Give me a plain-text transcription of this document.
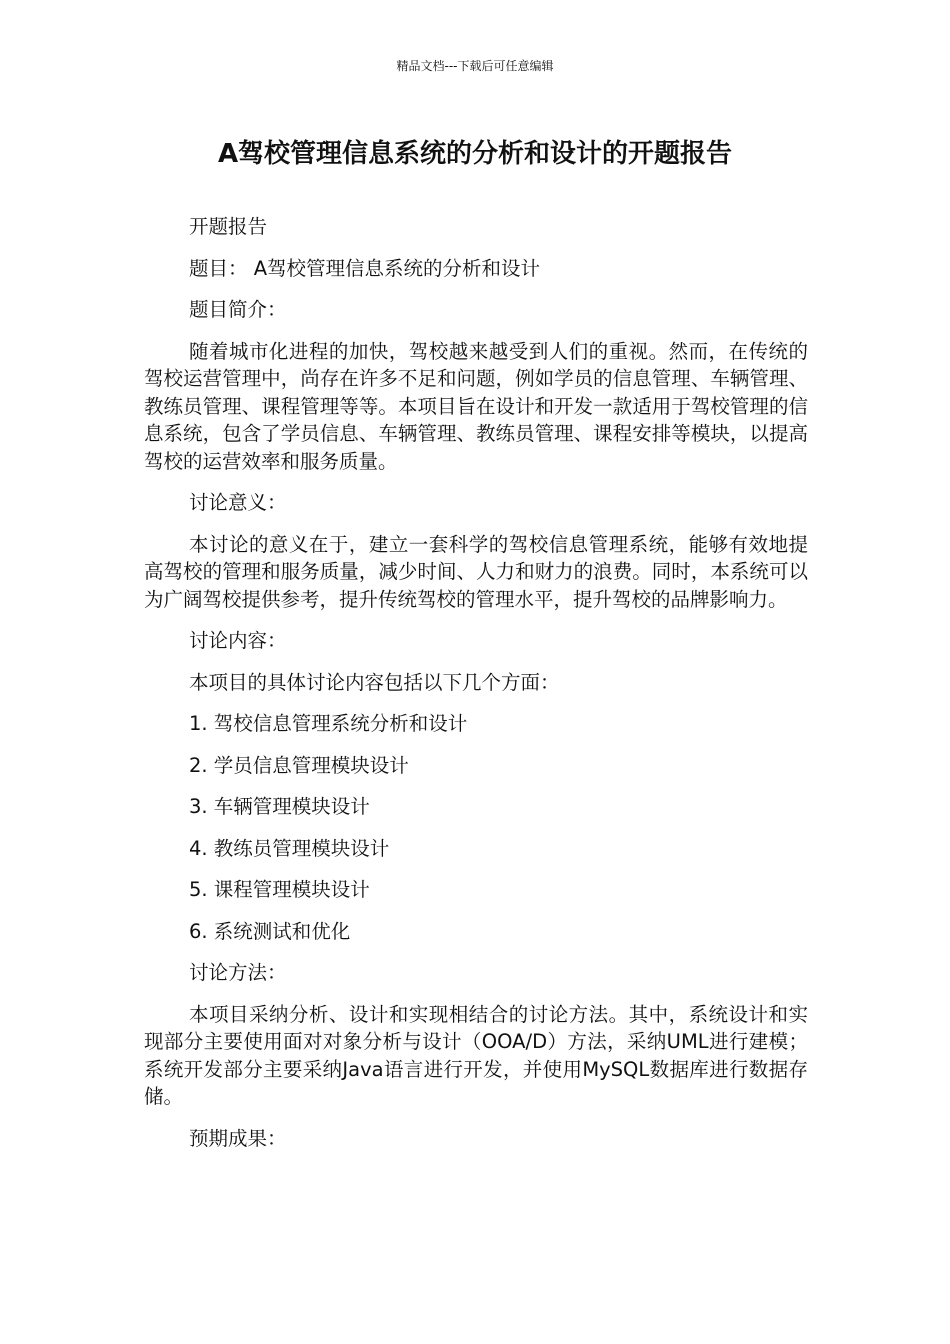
精品文档---下载后可任意编辑
A驾校管理信息系统的分析和设计的开题报告

开题报告

题目： A驾校管理信息系统的分析和设计

题目简介：

随着城市化进程的加快，驾校越来越受到人们的重视。然而，在传统的驾校运营管理中，尚存在许多不足和问题，例如学员的信息管理、车辆管理、教练员管理、课程管理等等。本项目旨在设计和开发一款适用于驾校管理的信息系统，包含了学员信息、车辆管理、教练员管理、课程安排等模块，以提高驾校的运营效率和服务质量。

讨论意义：

本讨论的意义在于，建立一套科学的驾校信息管理系统，能够有效地提高驾校的管理和服务质量，减少时间、人力和财力的浪费。同时，本系统可以为广阔驾校提供参考，提升传统驾校的管理水平，提升驾校的品牌影响力。

讨论内容：

本项目的具体讨论内容包括以下几个方面：

1. 驾校信息管理系统分析和设计

2. 学员信息管理模块设计

3. 车辆管理模块设计

4. 教练员管理模块设计

5. 课程管理模块设计

6. 系统测试和优化

讨论方法：

本项目采纳分析、设计和实现相结合的讨论方法。其中，系统设计和实现部分主要使用面对对象分析与设计（OOA/D）方法，采纳UML进行建模；系统开发部分主要采纳Java语言进行开发，并使用MySQL数据库进行数据存储。

预期成果：
